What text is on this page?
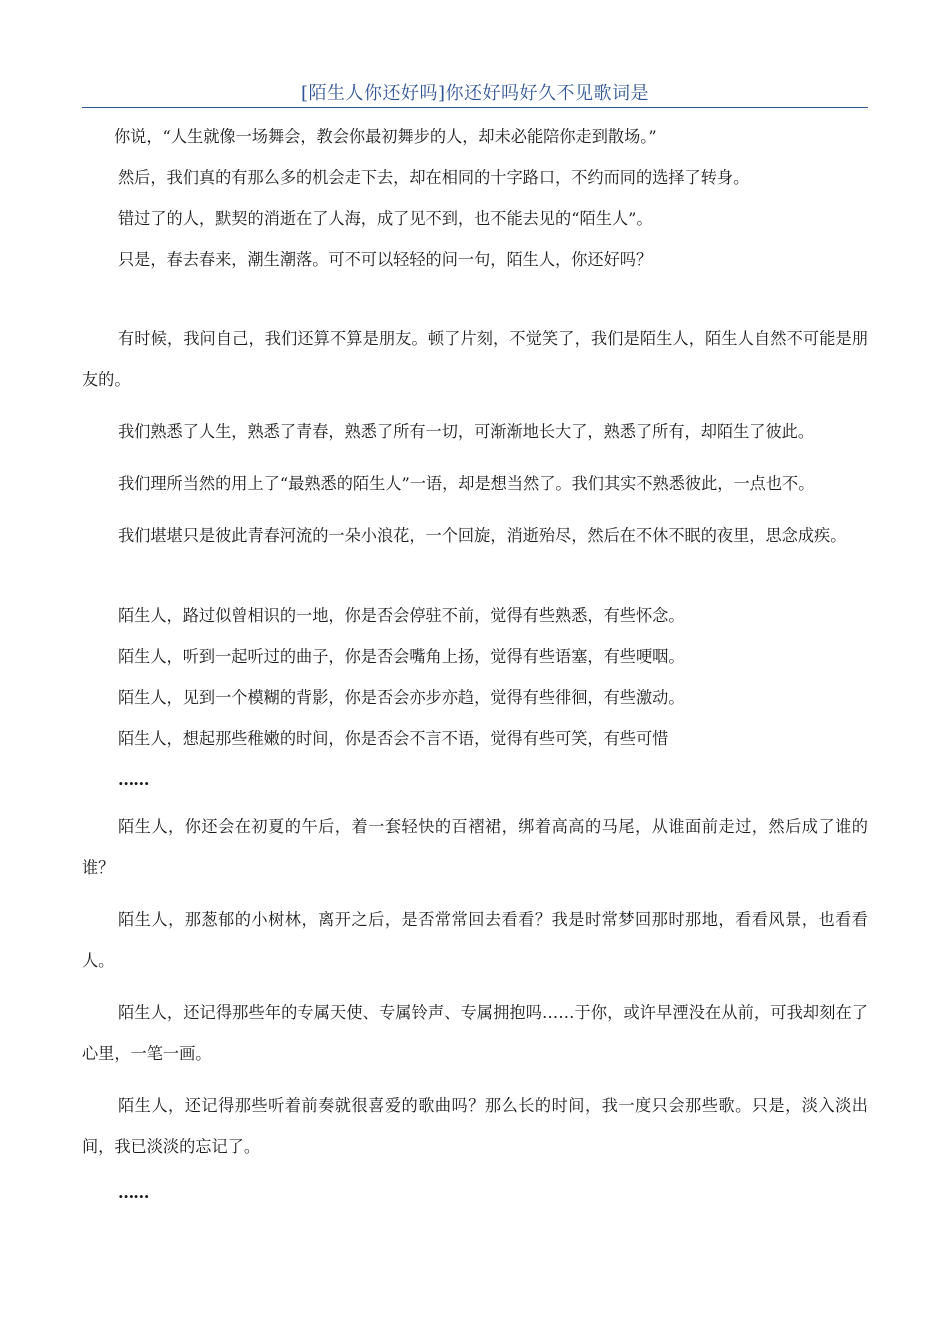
[陌生人你还好吗]你还好吗好久不见歌词是

你说，“人生就像一场舞会，教会你最初舞步的人，却未必能陪你走到散场。”

然后，我们真的有那么多的机会走下去，却在相同的十字路口，不约而同的选择了转身。

错过了的人，默契的消逝在了人海，成了见不到，也不能去见的“陌生人”。

只是，春去春来，潮生潮落。可不可以轻轻的问一句，陌生人，你还好吗？

有时候，我问自己，我们还算不算是朋友。顿了片刻，不觉笑了，我们是陌生人，陌生人自然不可能是朋友的。

我们熟悉了人生，熟悉了青春，熟悉了所有一切，可渐渐地长大了，熟悉了所有，却陌生了彼此。

我们理所当然的用上了“最熟悉的陌生人”一语，却是想当然了。我们其实不熟悉彼此，一点也不。

我们堪堪只是彼此青春河流的一朵小浪花，一个回旋，消逝殆尽，然后在不休不眠的夜里，思念成疾。

陌生人，路过似曾相识的一地，你是否会停驻不前，觉得有些熟悉，有些怀念。

陌生人，听到一起听过的曲子，你是否会嘴角上扬，觉得有些语塞，有些哽咽。

陌生人，见到一个模糊的背影，你是否会亦步亦趋，觉得有些徘徊，有些激动。

陌生人，想起那些稚嫩的时间，你是否会不言不语，觉得有些可笑，有些可惜

……

陌生人，你还会在初夏的午后，着一套轻快的百褶裙，绑着高高的马尾，从谁面前走过，然后成了谁的谁？

陌生人，那葱郁的小树林，离开之后，是否常常回去看看？我是时常梦回那时那地，看看风景，也看看人。

陌生人，还记得那些年的专属天使、专属铃声、专属拥抱吗……于你，或许早湮没在从前，可我却刻在了心里，一笔一画。

陌生人，还记得那些听着前奏就很喜爱的歌曲吗？那么长的时间，我一度只会那些歌。只是，淡入淡出间，我已淡淡的忘记了。

……
